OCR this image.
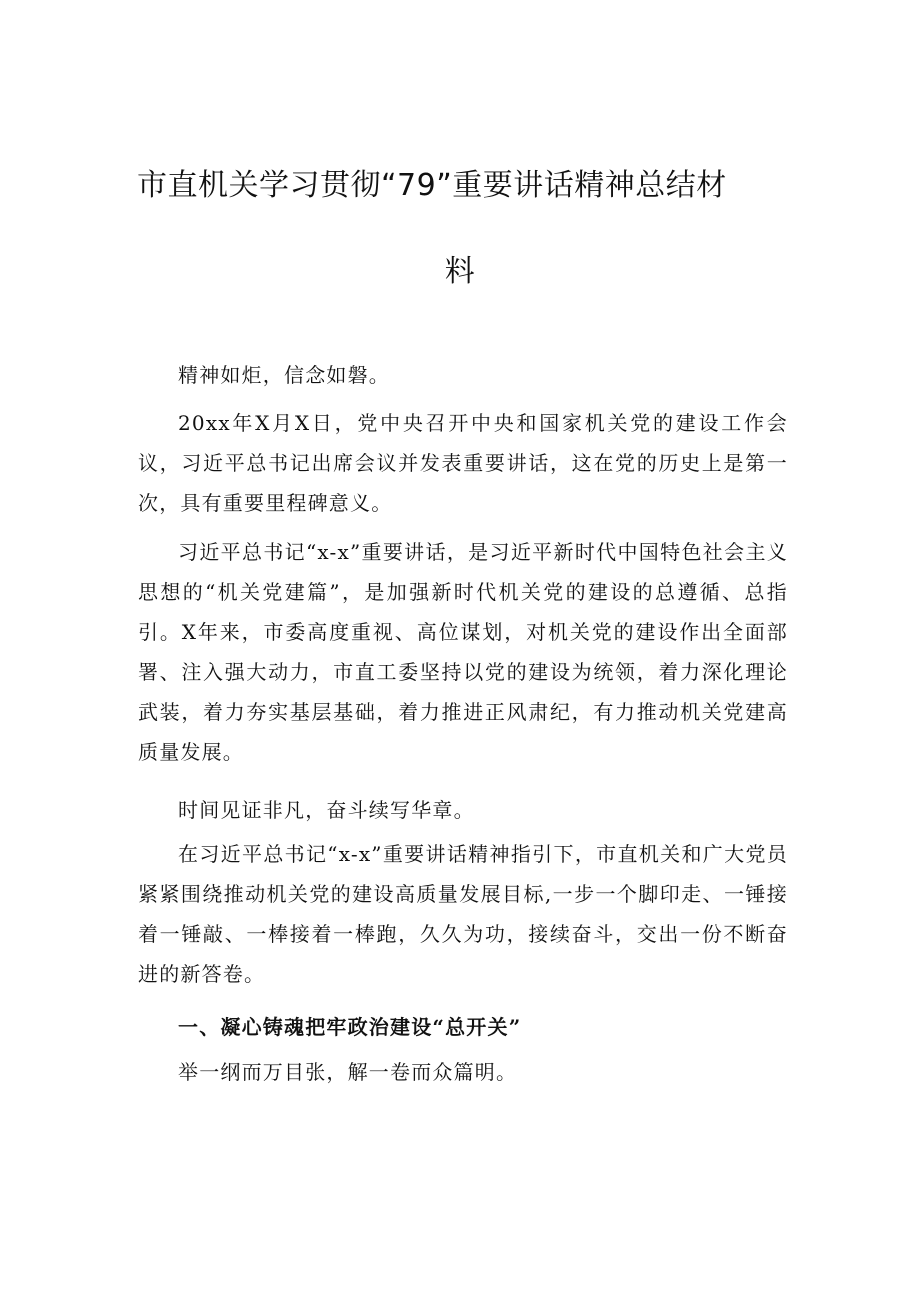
市直机关学习贯彻“79”重要讲话精神总结材
料

精神如炬，信念如磐。

20xx年X月X日，党中央召开中央和国家机关党的建设工作会议，习近平总书记出席会议并发表重要讲话，这在党的历史上是第一次，具有重要里程碑意义。

习近平总书记“x-x”重要讲话，是习近平新时代中国特色社会主义思想的“机关党建篇”，是加强新时代机关党的建设的总遵循、总指引。X年来，市委高度重视、高位谋划，对机关党的建设作出全面部署、注入强大动力，市直工委坚持以党的建设为统领，着力深化理论武装，着力夯实基层基础，着力推进正风肃纪，有力推动机关党建高质量发展。

时间见证非凡，奋斗续写华章。

在习近平总书记“x-x”重要讲话精神指引下，市直机关和广大党员紧紧围绕推动机关党的建设高质量发展目标,一步一个脚印走、一锤接着一锤敲、一棒接着一棒跑，久久为功，接续奋斗，交出一份不断奋进的新答卷。

一、凝心铸魂把牢政治建设“总开关”

举一纲而万目张，解一卷而众篇明。
